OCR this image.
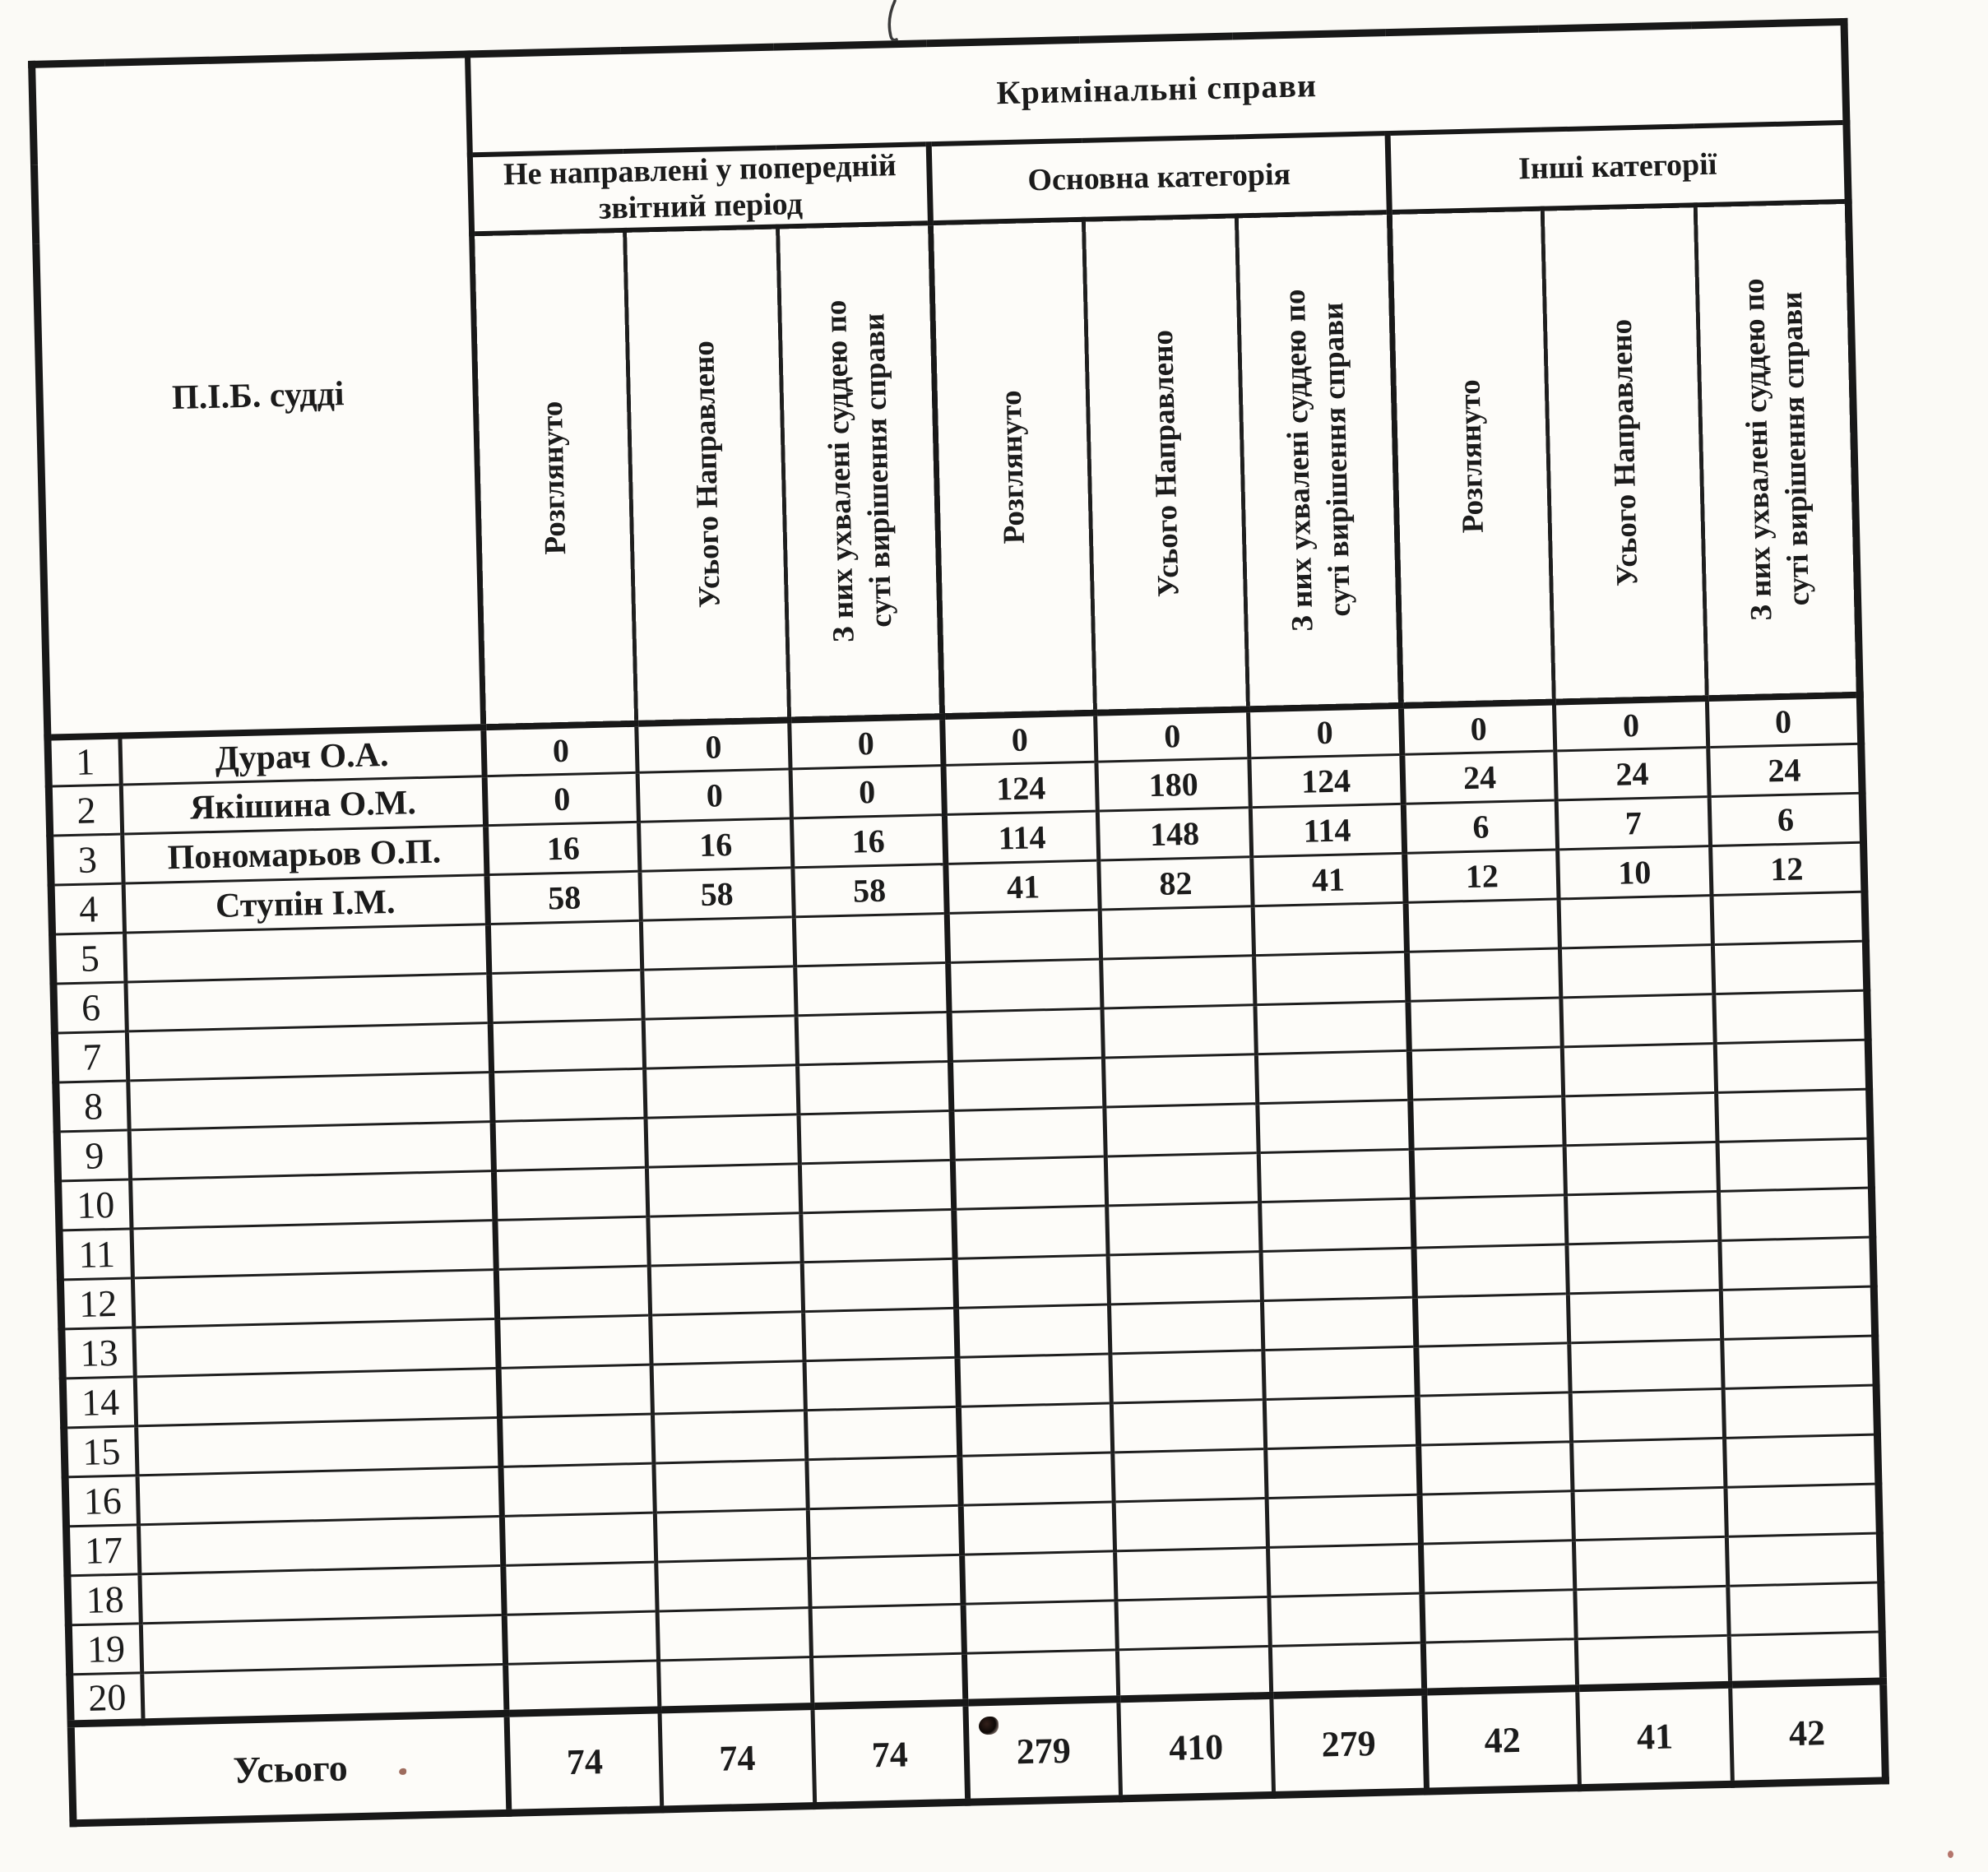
П.І.Б. судді		Кримінальні справи								
		Не направлені у попередній
звітний період			Основна категорія			Інші категорії		

		Розглянуто	Усього Направлено	З них ухвалені суддею по
суті вирішення справи	Розглянуто	Усього Направлено	З них ухвалені суддею по
суті вирішення справи	Розглянуто	Усього Направлено	З них ухвалені суддею по
суті вирішення справи

1	Дурач О.А.	0	0	0	0	0	0	0	0	0
2	Якішина О.М.	0	0	0	124	180	124	24	24	24
3	Пономарьов О.П.	16	16	16	114	148	114	6	7	6
4	Ступін І.М.	58	58	58	41	82	41	12	10	12
5										
6										
7										
8										
9										
10										
11										
12										
13										
14										
15										
16										
17										
18										
19										
20										
Усього		74	74	74	279	410	279	42	41	42
